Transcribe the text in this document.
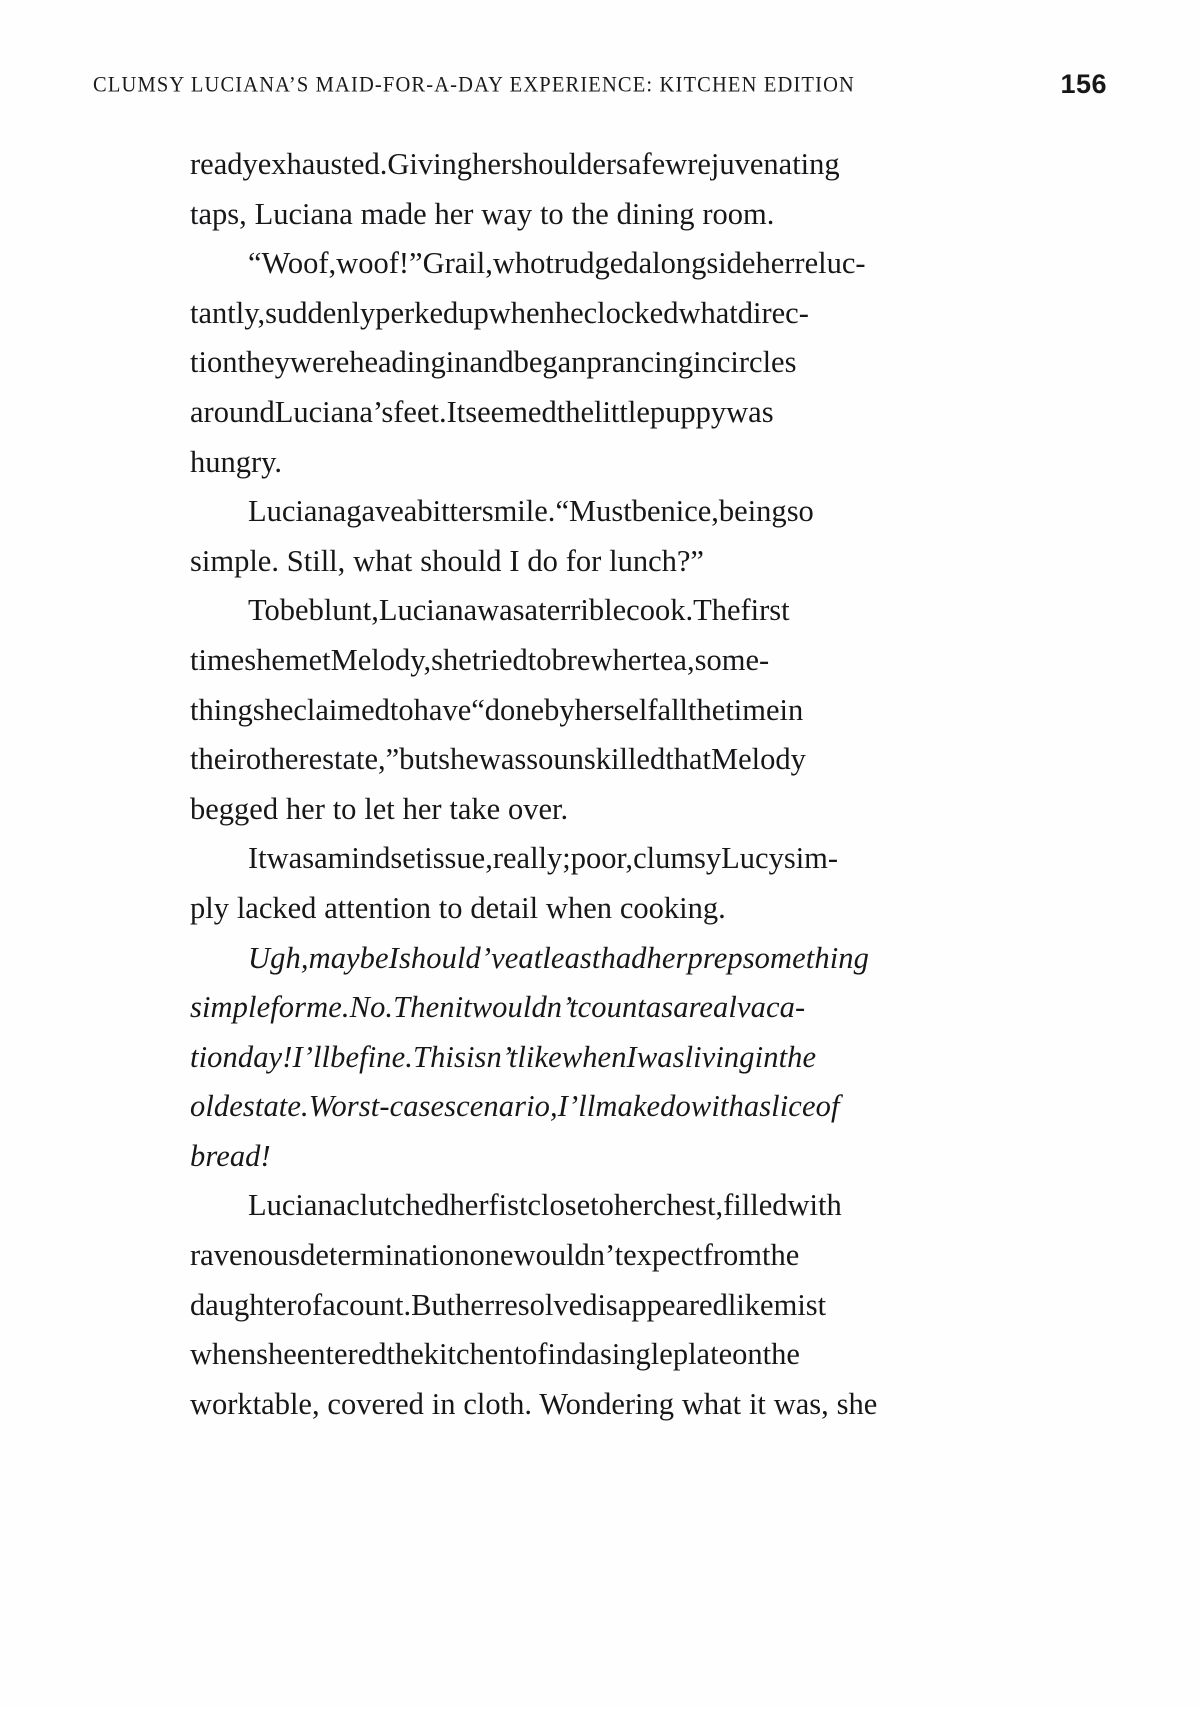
CLUMSY LUCIANA’S MAID-FOR-A-DAY EXPERIENCE: KITCHEN EDITION	156

readyexhausted.Givinghershouldersafewrejuvenating
taps, Luciana made her way to the dining room.

“Woof,woof!”Grail,whotrudgedalongsideherreluc-
tantly,suddenlyperkedupwhenheclockedwhatdirec-
tiontheywereheadinginandbeganprancingincircles
aroundLuciana’sfeet.Itseemedthelittlepuppywas
hungry.

Lucianagaveabittersmile.“Mustbenice,beingso
simple. Still, what should I do for lunch?”

Tobeblunt,Lucianawasaterriblecook.Thefirst
timeshemetMelody,shetriedtobrewhertea,some-
thingsheclaimedtohave“donebyherselfallthetimein
theirotherestate,”butshewassounskilledthatMelody
begged her to let her take over.

Itwasamindsetissue,really;poor,clumsyLucysim-
ply lacked attention to detail when cooking.

Ugh,maybeIshould’veatleasthadherprepsomething
simpleforme.No.Thenitwouldn’tcountasarealvaca-
tionday!I’llbefine.Thisisn’tlikewhenIwaslivinginthe
oldestate.Worst-casescenario,I’llmakedowithasliceof
bread!

Lucianaclutchedherfistclosetoherchest,filledwith
ravenousdeterminationonewouldn’texpectfromthe
daughterofacount.Butherresolvedisappearedlikemist
whensheenteredthekitchentofindasingleplateonthe
worktable, covered in cloth. Wondering what it was, she
